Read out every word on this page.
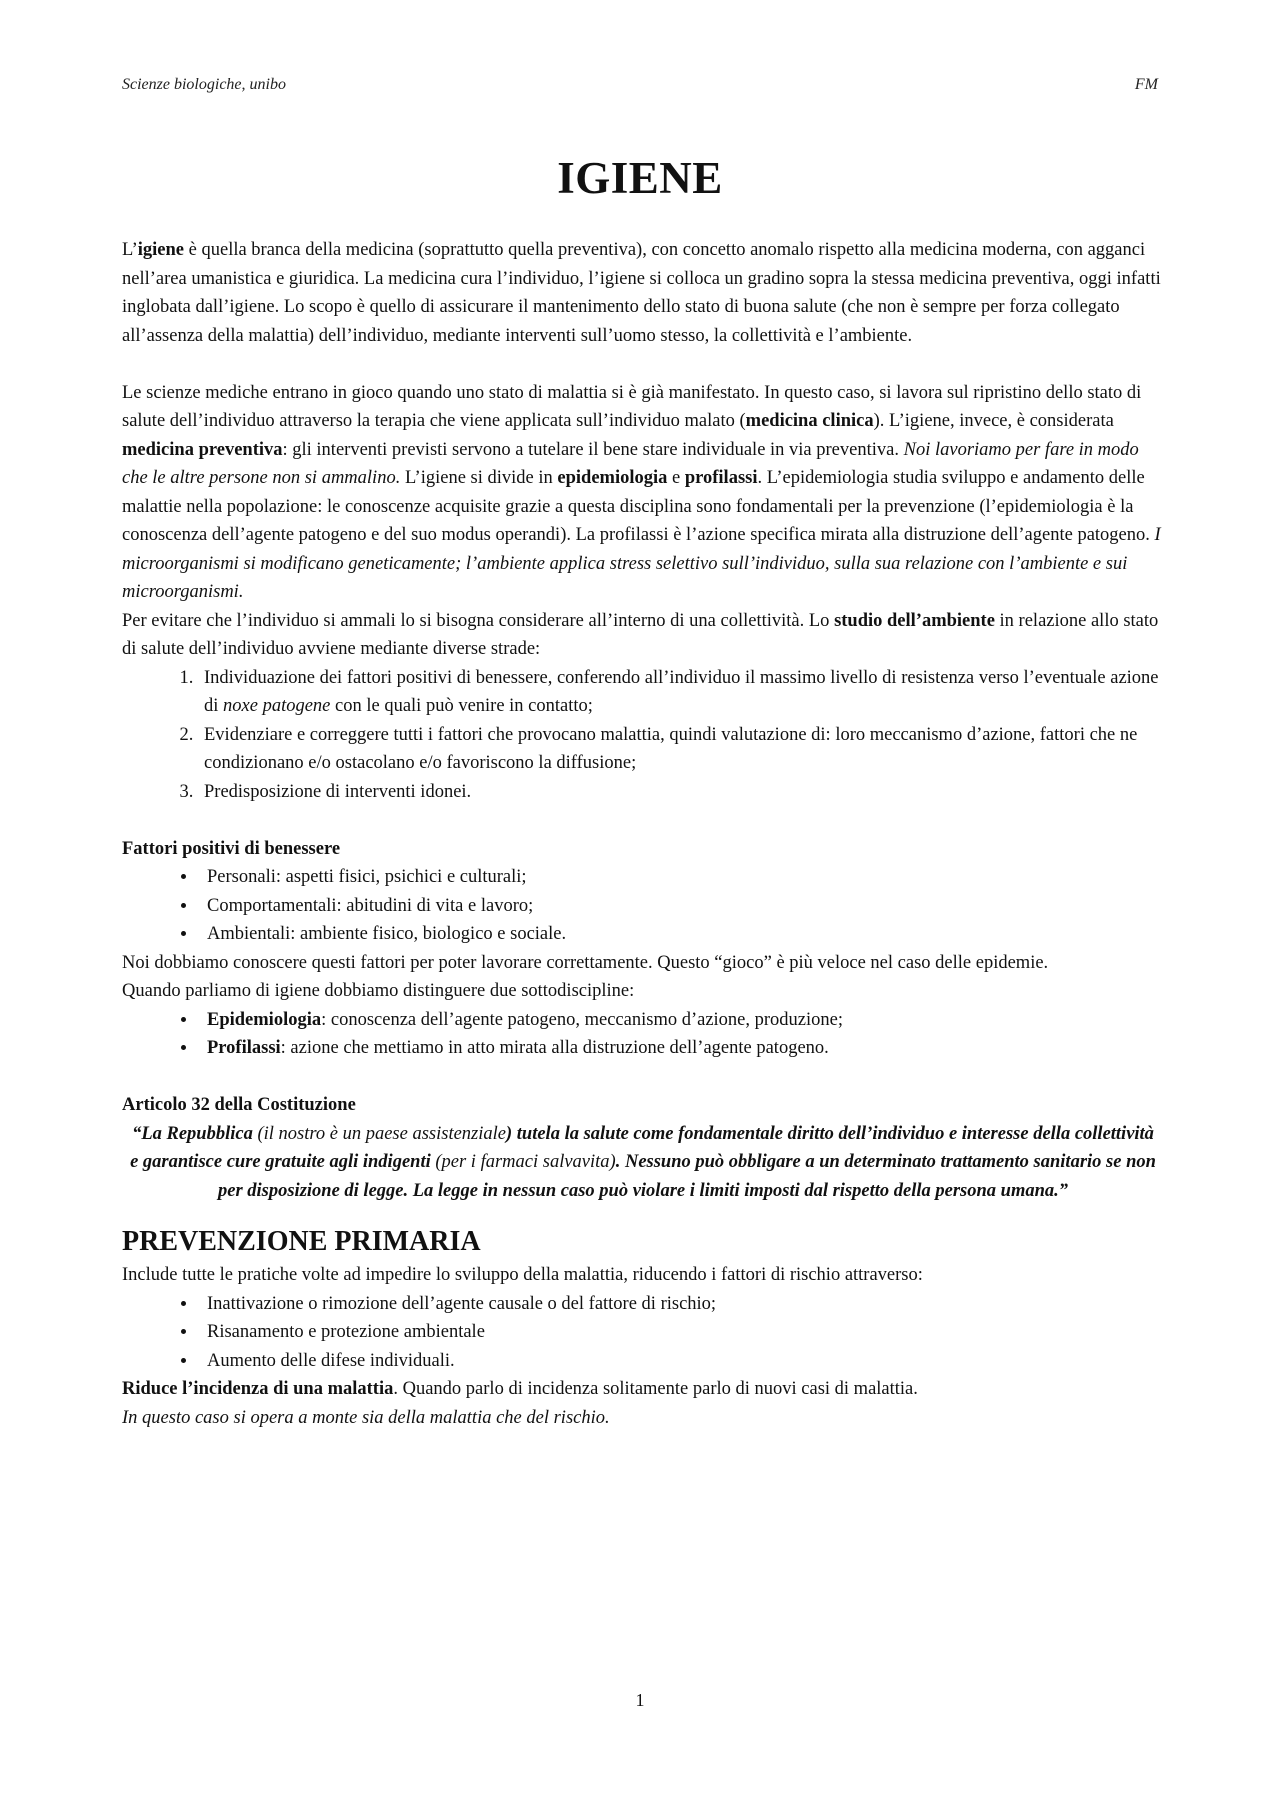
Scienze biologiche, unibo	FM
IGIENE

L’igiene è quella branca della medicina (soprattutto quella preventiva), con concetto anomalo rispetto alla medicina moderna, con agganci nell’area umanistica e giuridica. La medicina cura l’individuo, l’igiene si colloca un gradino sopra la stessa medicina preventiva, oggi infatti inglobata dall’igiene. Lo scopo è quello di assicurare il mantenimento dello stato di buona salute (che non è sempre per forza collegato all’assenza della malattia) dell’individuo, mediante interventi sull’uomo stesso, la collettività e l’ambiente.

Le scienze mediche entrano in gioco quando uno stato di malattia si è già manifestato. In questo caso, si lavora sul ripristino dello stato di salute dell’individuo attraverso la terapia che viene applicata sull’individuo malato (medicina clinica). L’igiene, invece, è considerata medicina preventiva: gli interventi previsti servono a tutelare il bene stare individuale in via preventiva. Noi lavoriamo per fare in modo che le altre persone non si ammalino. L’igiene si divide in epidemiologia e profilassi. L’epidemiologia studia sviluppo e andamento delle malattie nella popolazione: le conoscenze acquisite grazie a questa disciplina sono fondamentali per la prevenzione (l’epidemiologia è la conoscenza dell’agente patogeno e del suo modus operandi). La profilassi è l’azione specifica mirata alla distruzione dell’agente patogeno. I microorganismi si modificano geneticamente; l’ambiente applica stress selettivo sull’individuo, sulla sua relazione con l’ambiente e sui microorganismi.

Per evitare che l’individuo si ammali lo si bisogna considerare all’interno di una collettività. Lo studio dell’ambiente in relazione allo stato di salute dell’individuo avviene mediante diverse strade:

1. Individuazione dei fattori positivi di benessere, conferendo all’individuo il massimo livello di resistenza verso l’eventuale azione di noxe patogene con le quali può venire in contatto;
2. Evidenziare e correggere tutti i fattori che provocano malattia, quindi valutazione di: loro meccanismo d’azione, fattori che ne condizionano e/o ostacolano e/o favoriscono la diffusione;
3. Predisposizione di interventi idonei.

Fattori positivi di benessere

• Personali: aspetti fisici, psichici e culturali;
• Comportamentali: abitudini di vita e lavoro;
• Ambientali: ambiente fisico, biologico e sociale.

Noi dobbiamo conoscere questi fattori per poter lavorare correttamente. Questo “gioco” è più veloce nel caso delle epidemie.

Quando parliamo di igiene dobbiamo distinguere due sottodiscipline:

• Epidemiologia: conoscenza dell’agente patogeno, meccanismo d’azione, produzione;
• Profilassi: azione che mettiamo in atto mirata alla distruzione dell’agente patogeno.

Articolo 32 della Costituzione

“La Repubblica (il nostro è un paese assistenziale) tutela la salute come fondamentale diritto dell’individuo e interesse della collettività e garantisce cure gratuite agli indigenti (per i farmaci salvavita). Nessuno può obbligare a un determinato trattamento sanitario se non per disposizione di legge. La legge in nessun caso può violare i limiti imposti dal rispetto della persona umana.”

PREVENZIONE PRIMARIA

Include tutte le pratiche volte ad impedire lo sviluppo della malattia, riducendo i fattori di rischio attraverso:

• Inattivazione o rimozione dell’agente causale o del fattore di rischio;
• Risanamento e protezione ambientale
• Aumento delle difese individuali.

Riduce l’incidenza di una malattia. Quando parlo di incidenza solitamente parlo di nuovi casi di malattia.

In questo caso si opera a monte sia della malattia che del rischio.

1
